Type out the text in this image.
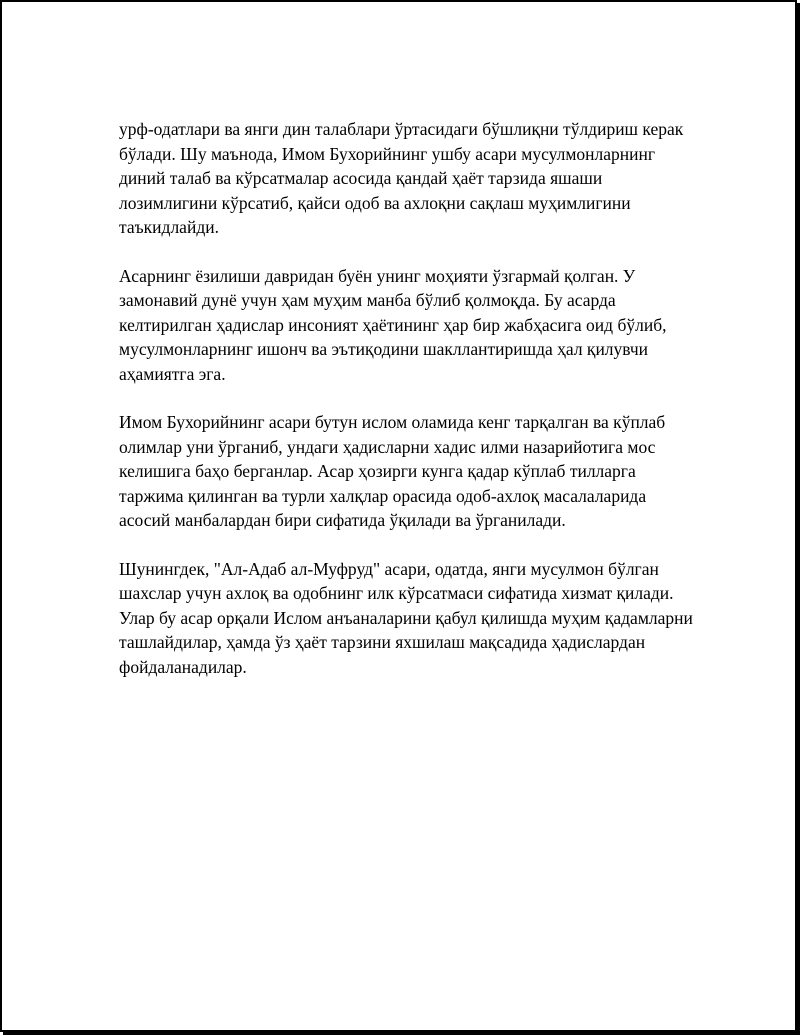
урф-одатлари ва янги дин талаблари ўртасидаги бўшлиқни тўлдириш керак бўлади. Шу маънода, Имом Бухорийнинг ушбу асари мусулмонларнинг диний талаб ва кўрсатмалар асосида қандай ҳаёт тарзида яшаши лозимлигини кўрсатиб, қайси одоб ва ахлоқни сақлаш муҳимлигини таъкидлайди.

Асарнинг ёзилиши давридан буён унинг моҳияти ўзгармай қолган. У замонавий дунё учун ҳам муҳим манба бўлиб қолмоқда. Бу асарда келтирилган ҳадислар инсоният ҳаётининг ҳар бир жабҳасига оид бўлиб, мусулмонларнинг ишонч ва эътиқодини шакллантиришда ҳал қилувчи аҳамиятга эга.

Имом Бухорийнинг асари бутун ислом оламида кенг тарқалган ва кўплаб олимлар уни ўрганиб, ундаги ҳадисларни хадис илми назарийотига мос келишига баҳо берганлар. Асар ҳозирги кунга қадар кўплаб тилларга таржима қилинган ва турли халқлар орасида одоб-ахлоқ масалаларида асосий манбалардан бири сифатида ўқилади ва ўрганилади.

Шунингдек, "Ал-Адаб ал-Муфруд" асари, одатда, янги мусулмон бўлган шахслар учун ахлоқ ва одобнинг илк кўрсатмаси сифатида хизмат қилади. Улар бу асар орқали Ислом анъаналарини қабул қилишда муҳим қадамларни ташлайдилар, ҳамда ўз ҳаёт тарзини яхшилаш мақсадида ҳадислардан фойдаланадилар.
